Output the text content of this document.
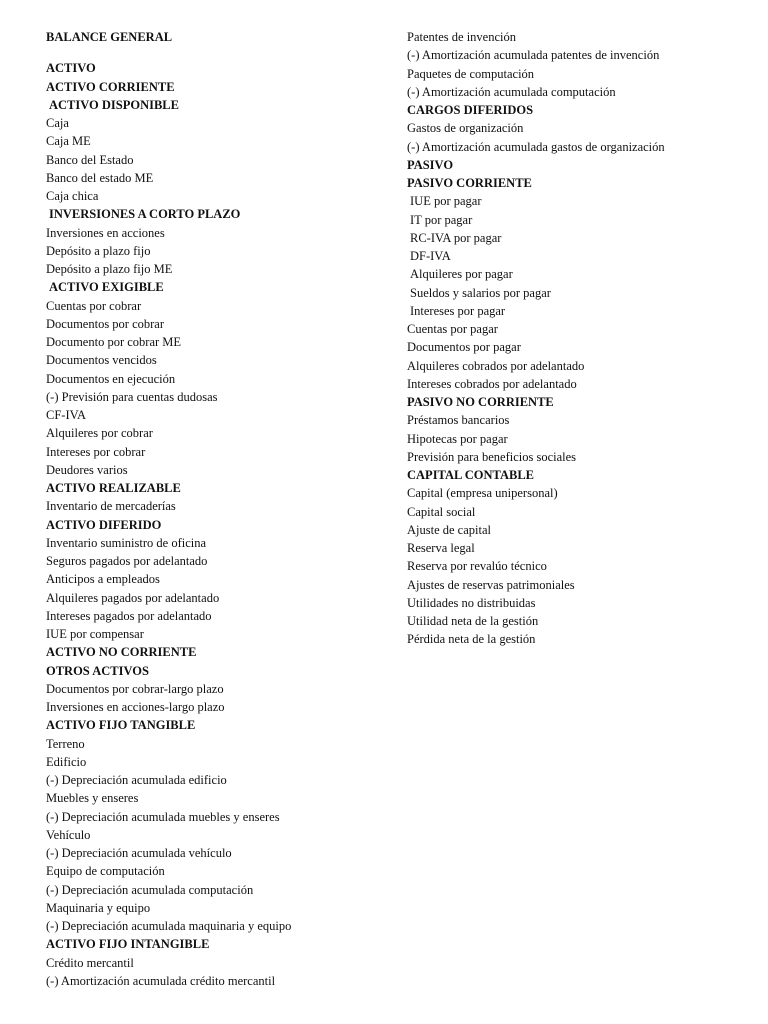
BALANCE GENERAL
ACTIVO
ACTIVO CORRIENTE
ACTIVO DISPONIBLE
Caja
Caja ME
Banco del Estado
Banco del estado ME
Caja chica
INVERSIONES A CORTO PLAZO
Inversiones en acciones
Depósito a plazo fijo
Depósito a plazo fijo ME
ACTIVO EXIGIBLE
Cuentas por cobrar
Documentos por cobrar
Documento por cobrar ME
Documentos vencidos
Documentos en ejecución
(-) Previsión para cuentas dudosas
CF-IVA
Alquileres por cobrar
Intereses por cobrar
Deudores varios
ACTIVO REALIZABLE
Inventario de mercaderías
ACTIVO DIFERIDO
Inventario suministro de oficina
Seguros pagados por adelantado
Anticipos a empleados
Alquileres pagados por adelantado
Intereses pagados por adelantado
IUE por compensar
ACTIVO NO CORRIENTE
OTROS ACTIVOS
Documentos por cobrar-largo plazo
Inversiones en acciones-largo plazo
ACTIVO FIJO TANGIBLE
Terreno
Edificio
(-) Depreciación acumulada edificio
Muebles y enseres
(-) Depreciación acumulada muebles y enseres
Vehículo
(-) Depreciación acumulada vehículo
Equipo de computación
(-) Depreciación acumulada computación
Maquinaria y equipo
(-) Depreciación acumulada maquinaria y equipo
ACTIVO FIJO INTANGIBLE
Crédito mercantil
(-) Amortización acumulada crédito mercantil
Patentes de invención
(-) Amortización acumulada patentes de invención
Paquetes de computación
(-) Amortización acumulada computación
CARGOS DIFERIDOS
Gastos de organización
(-) Amortización acumulada gastos de organización
PASIVO
PASIVO CORRIENTE
IUE por pagar
IT por pagar
RC-IVA por pagar
DF-IVA
Alquileres por pagar
Sueldos y salarios por pagar
Intereses por pagar
Cuentas por pagar
Documentos por pagar
Alquileres cobrados por adelantado
Intereses cobrados por adelantado
PASIVO NO CORRIENTE
Préstamos bancarios
Hipotecas por pagar
Previsión para beneficios sociales
CAPITAL CONTABLE
Capital (empresa unipersonal)
Capital social
Ajuste de capital
Reserva legal
Reserva por revalúo técnico
Ajustes de reservas patrimoniales
Utilidades no distribuidas
Utilidad neta de la gestión
Pérdida neta de la gestión
